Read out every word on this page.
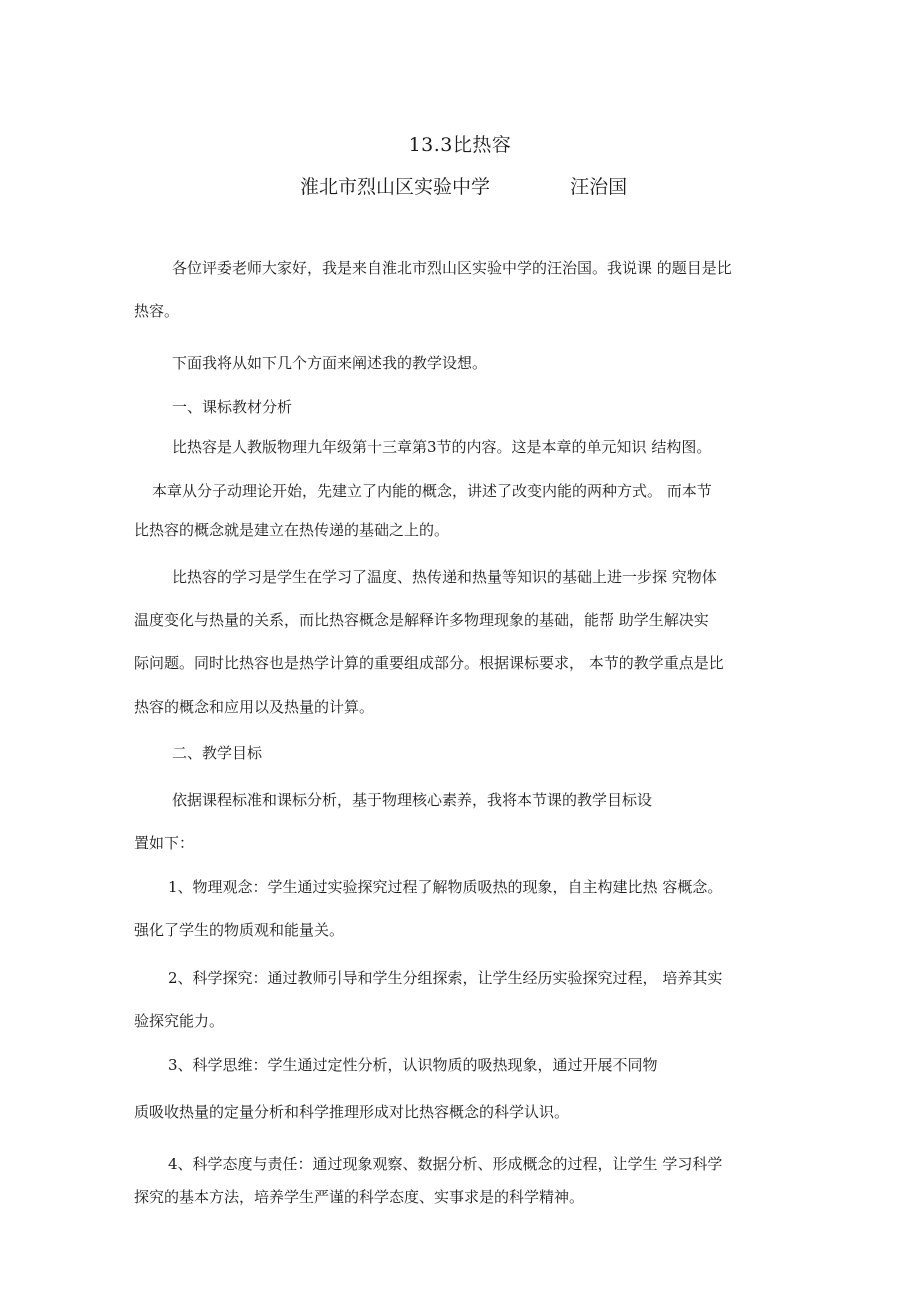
13.3比热容
淮北市烈山区实验中学	汪治国
各位评委老师大家好，我是来自淮北市烈山区实验中学的汪治国。我说课 的题目是比
热容。
下面我将从如下几个方面来阐述我的教学设想。
一、课标教材分析
比热容是人教版物理九年级第十三章第3节的内容。这是本章的单元知识 结构图。
本章从分子动理论开始，先建立了内能的概念，讲述了改变内能的两种方式。 而本节
比热容的概念就是建立在热传递的基础之上的。
比热容的学习是学生在学习了温度、热传递和热量等知识的基础上进一步探 究物体
温度变化与热量的关系，而比热容概念是解释许多物理现象的基础，能帮 助学生解决实
际问题。同时比热容也是热学计算的重要组成部分。根据课标要求， 本节的教学重点是比
热容的概念和应用以及热量的计算。
二、教学目标
依据课程标准和课标分析，基于物理核心素养，我将本节课的教学目标设
置如下：
1、物理观念：学生通过实验探究过程了解物质吸热的现象，自主构建比热 容概念。
强化了学生的物质观和能量关。
2、科学探究：通过教师引导和学生分组探索，让学生经历实验探究过程， 培养其实
验探究能力。
3、科学思维：学生通过定性分析，认识物质的吸热现象，通过开展不同物
质吸收热量的定量分析和科学推理形成对比热容概念的科学认识。
4、科学态度与责任：通过现象观察、数据分析、形成概念的过程，让学生 学习科学
探究的基本方法，培养学生严谨的科学态度、实事求是的科学精神。
